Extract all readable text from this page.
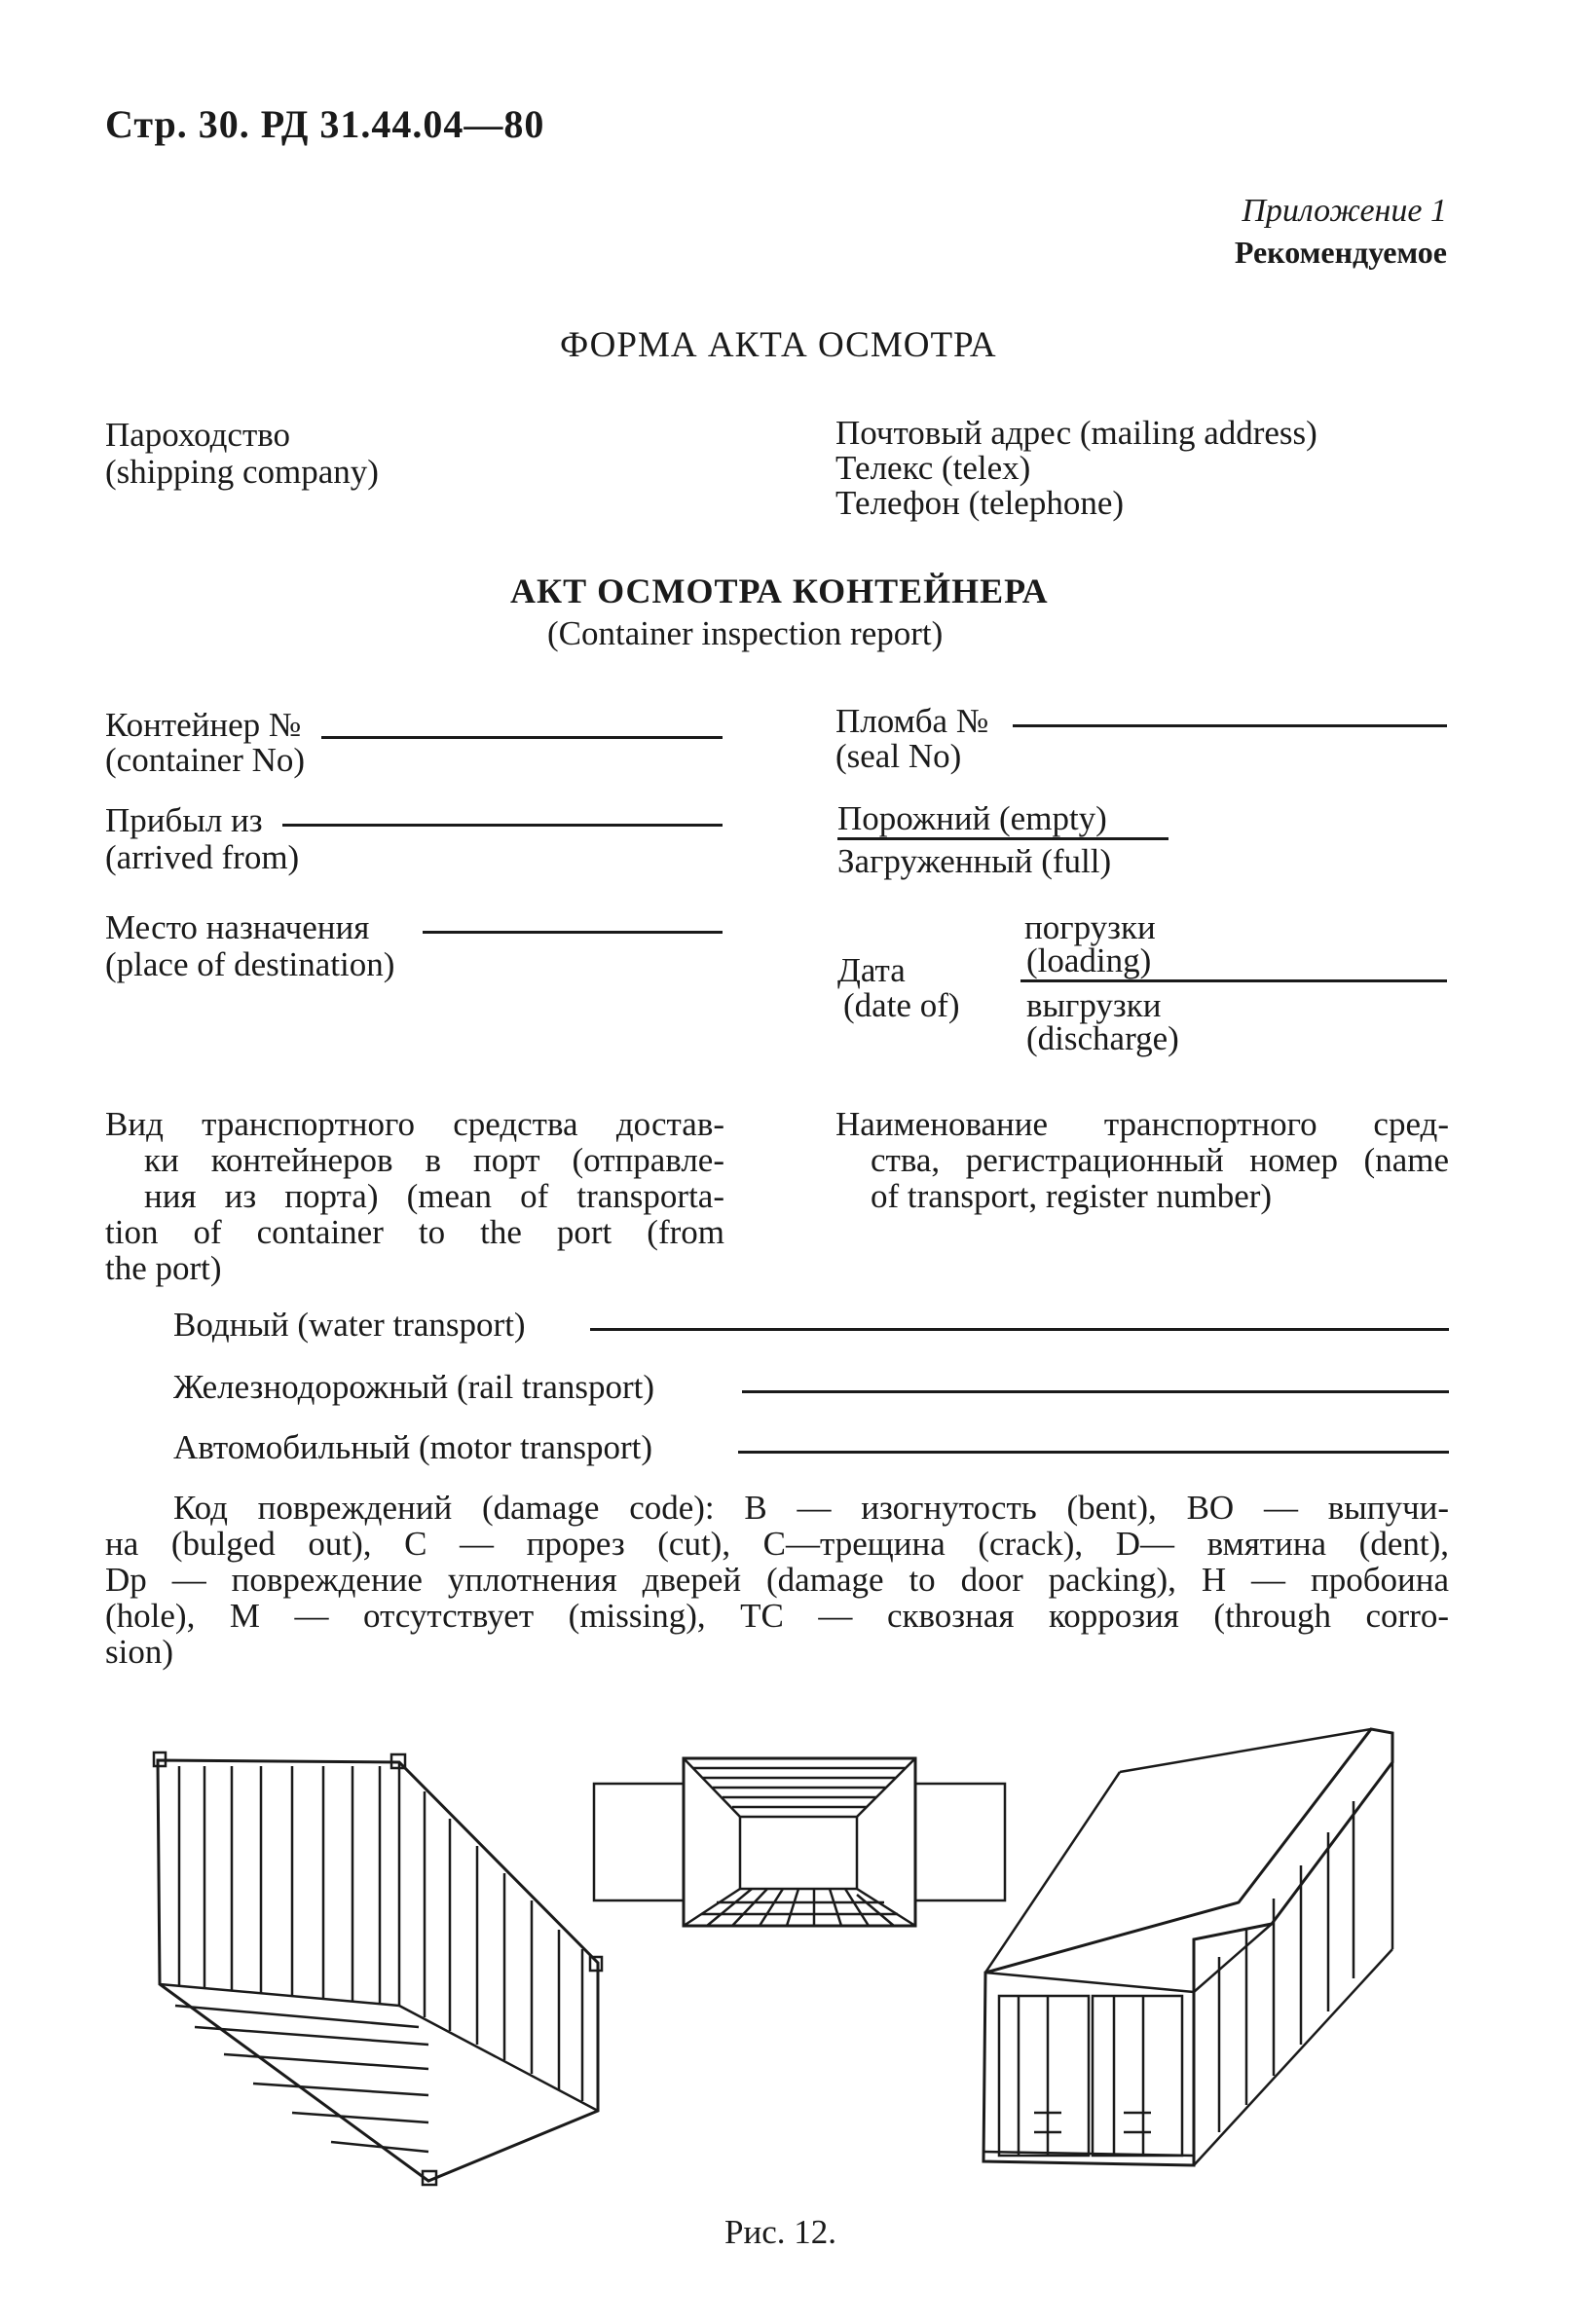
Стр. 30. РД 31.44.04—80
Приложение 1
Рекомендуемое
ФОРМА АКТА ОСМОТРА
Пароходство
(shipping company)
Почтовый адрес (mailing address)
Телекс (telex)
Телефон (telephone)
АКТ ОСМОТРА КОНТЕЙНЕРА
(Container inspection report)
Контейнер №
(container No)
Пломба №
(seal No)
Прибыл из
(arrived from)
Порожний (empty)
Загруженный (full)
Место назначения
(place of destination)	Дата
(date of)
погрузки
(loading)
выгрузки
(discharge)
Вид транспортного средства достав-
ки контейнеров в порт (отправле-
ния из порта) (mean of transporta-
tion of container to the port (from
the port)
Наименование транспортного сред-
ства, регистрационный номер (name
of transport, register number)
Водный (water transport)
Железнодорожный (rail transport)
Автомобильный (motor transport)
Код повреждений (damage code): В — изогнутость (bent), ВО — выпучи-
на (bulged out), С — прорез (cut), С—трещина (crack), D— вмятина (dent),
Dp — повреждение уплотнения дверей (damage to door packing), Н — пробоина
(hole), М — отсутствует (missing), ТС — сквозная коррозия (through corro-
sion)
Рис. 12.
